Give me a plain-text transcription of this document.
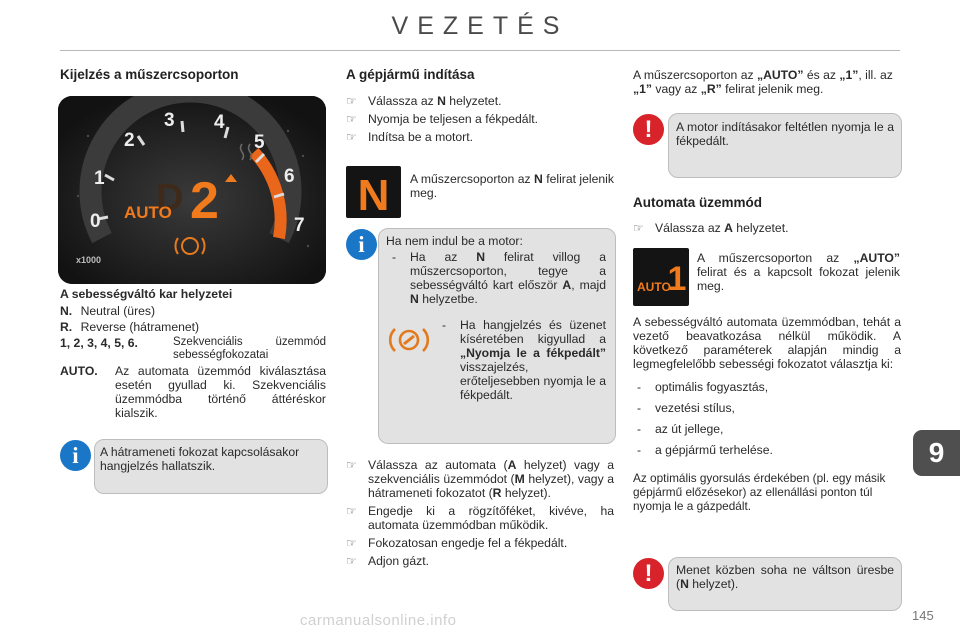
VEZETÉS
Kijelzés a műszercsoporton
0
1
2
3 4
5
6
7
D 2
AUTO
x1000
A sebességváltó kar helyzetei
N. Neutral (üres)
R. Reverse (hátramenet)
1, 2, 3, 4, 5, 6.	Szekvenciális üzemmód sebességfokozatai
AUTO. Az automata üzemmód kiválasztása esetén gyullad ki. Szekvenciális üzemmódba történő áttéréskor kialszik.
i	A hátrameneti fokozat kapcsolásakor hangjelzés hallatszik.
A gépjármű indítása
☞ Válassza az N helyzetet.
☞ Nyomja be teljesen a fékpedált.
☞ Indítsa be a motort.
N A műszercsoporton az N felirat jelenik meg.
i	Ha nem indul be a motor:
- Ha az N felirat villog a műszercsoporton, tegye a sebességváltó kart először A, majd N helyzetbe.
- Ha hangjelzés és üzenet kíséretében kigyullad a „Nyomja le a fékpedált” visszajelzés, erőteljesebben nyomja le a fékpedált.
☞ Válassza az automata (A helyzet) vagy a szekvenciális üzemmódot (M helyzet), vagy a hátrameneti fokozatot (R helyzet).
☞ Engedje ki a rögzítőféket, kivéve, ha automata üzemmódban működik.
☞ Fokozatosan engedje fel a fékpedált.
☞ Adjon gázt.
A műszercsoporton az „AUTO” és az „1”, ill. az „1” vagy az „R” felirat jelenik meg.
!	A motor indításakor feltétlen nyomja le a fékpedált.
Automata üzemmód
☞ Válassza az A helyzetet.
1
AUTO
A műszercsoporton az „AUTO” felirat és a kapcsolt fokozat jelenik meg.
A sebességváltó automata üzemmódban, tehát a vezető beavatkozása nélkül működik. A következő paraméterek alapján mindig a legmegfelelőbb sebességi fokozatot választja ki:
- optimális fogyasztás,
- vezetési stílus,
- az út jellege,
- a gépjármű terhelése.
Az optimális gyorsulás érdekében (pl. egy másik gépjármű előzésekor) az ellenállási ponton túl nyomja le a gázpedált.
!	Menet közben soha ne váltson üresbe (N helyzet).
9
145
carmanualsonline.info
